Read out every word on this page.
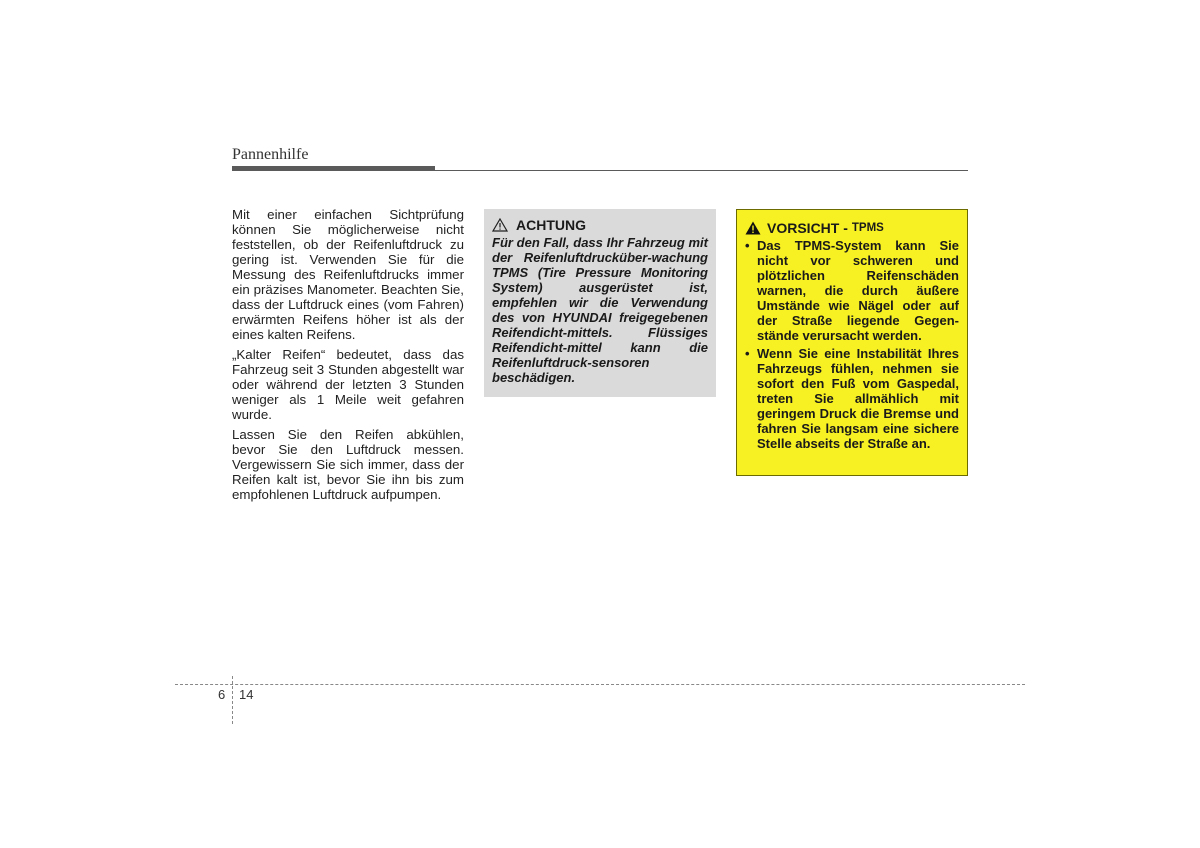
Pannenhilfe

Mit einer einfachen Sichtprüfung können Sie möglicherweise nicht feststellen, ob der Reifenluftdruck zu gering ist. Verwenden Sie für die Messung des Reifenluftdrucks immer ein präzises Manometer. Beachten Sie, dass der Luftdruck eines (vom Fahren) erwärmten Reifens höher ist als der eines kalten Reifens.

„Kalter Reifen“ bedeutet, dass das Fahrzeug seit 3 Stunden abgestellt war oder während der letzten 3 Stunden weniger als 1 Meile weit gefahren wurde.

Lassen Sie den Reifen abkühlen, bevor Sie den Luftdruck messen. Vergewissern Sie sich immer, dass der Reifen kalt ist, bevor Sie ihn bis zum empfohlenen Luftdruck aufpumpen.

ACHTUNG
Für den Fall, dass Ihr Fahrzeug mit der Reifenluftdrucküber-wachung TPMS (Tire Pressure Monitoring System) ausgerüstet ist, empfehlen wir die Verwendung des von HYUNDAI freigegebenen Reifendicht-mittels. Flüssiges Reifendicht-mittel kann die Reifenluftdruck-sensoren beschädigen.
VORSICHT - TPMS
• Das TPMS-System kann Sie nicht vor schweren und plötzlichen Reifenschäden warnen, die durch äußere Umstände wie Nägel oder auf der Straße liegende Gegen-stände verursacht werden.
• Wenn Sie eine Instabilität Ihres Fahrzeugs fühlen, nehmen sie sofort den Fuß vom Gaspedal, treten Sie allmählich mit geringem Druck die Bremse und fahren Sie langsam eine sichere Stelle abseits der Straße an.
6 14
